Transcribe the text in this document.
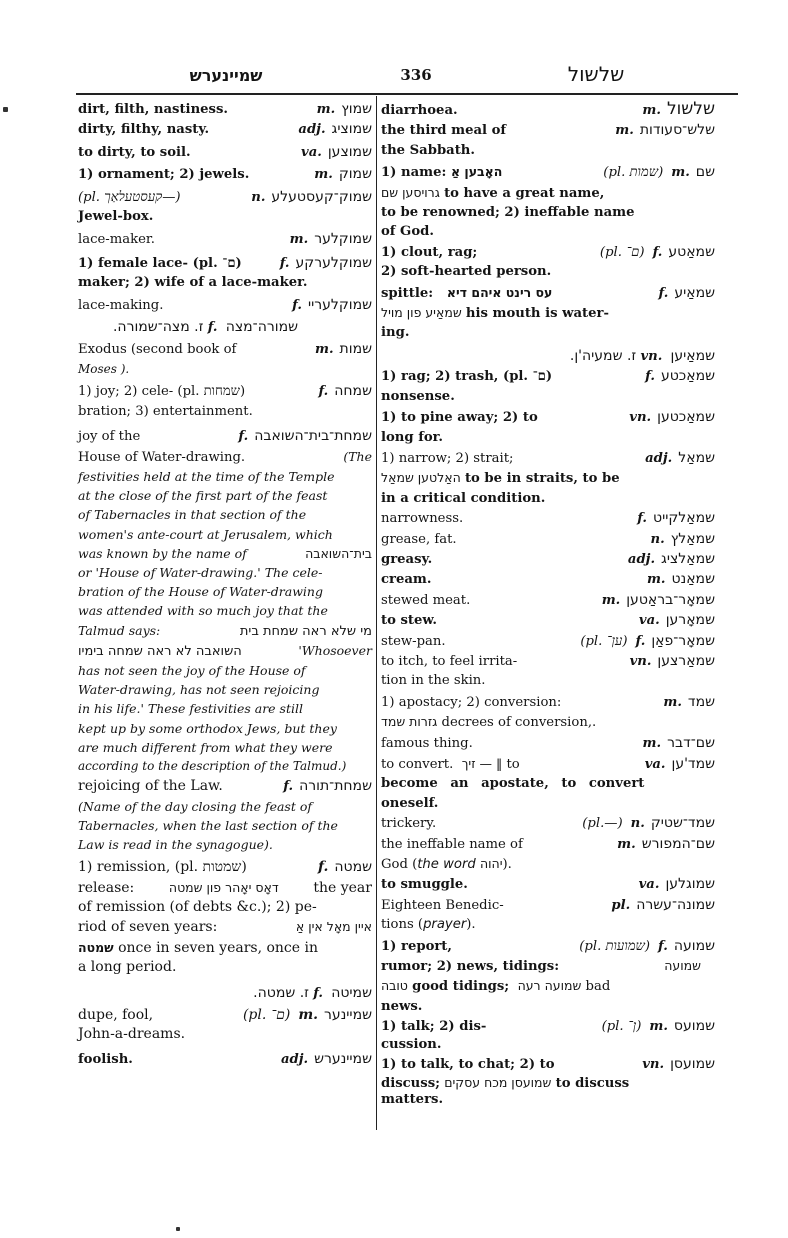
שמיינערש	336	שלשול
dirt, filth, nastiness.	m. שמוץ
dirty, filthy, nasty.	adj. שמוציג
to dirty, to soil.	va. שמוצען
1) ornament; 2) jewels.	m. שמוק
(pl. קעסטעלאַך—)	n. שמוק־קעסטעלע
Jewel-box.
lace-maker.	m. שמוקלער
1) female lace- (pl. ם־)	f. שמוקלערקע
maker; 2) wife of a lace-maker.
lace-making.	f. שמוקלעריי
ז. מצה־שמורה. f. שמורה־מצה
Exodus (second book of	m. שמות
Moses ).
1) joy; 2) cele- (pl. שמחות)	f. שמחה
bration; 3) entertainment.
joy of the	f. שמחת־בית־השואבה
House of Water-drawing.	(The
festivities held at the time of the Temple
at the close of the first part of the feast
of Tabernacles in that section of the
women's ante-court at Jerusalem, which
was known by the name of	בית־השואבה
or 'House of Water-drawing.' The cele-
bration of the House of Water-drawing
was attended with so much joy that the
Talmud says:	מי שלא ראה שמחת בית
השואבה לא ראה שמחה בימיו	'Whosoever
has not seen the joy of the House of
Water-drawing, has not seen rejoicing
in his life.' These festivities are still
kept up by some orthodox Jews, but they
are much different from what they were
according to the description of the Talmud.)
rejoicing of the Law.	f. שמחת־תורה
(Name of the day closing the feast of
Tabernacles, when the last section of the
Law is read in the synagogue).
1) remission, (pl. שמטות)	f. שמטה
release:	דאָס יאָהר פון שמטה the year
of remission (of debts &c.); 2) pe-
riod of seven years:	איין מאָל אין אַ
שמטה once in seven years, once in
a long period.
ז. שמטה. f. שמיטה
dupe, fool,	(pl. ם־) m. שמיינער
John-a-dreams.
foolish.	adj. שמיינערש
diarrhoea.	m. שלשול
the third meal of	m. שלש־סעודות
the Sabbath.
1) name: האָבען אַ	(pl. שמות) m. שם
גרויסען שם to have a great name,
to be renowned; 2) ineffable name
of God.
1) clout, rag;	(pl. ם־) f. שמאַטע
2) soft-hearted person.
spittle: עס רינט איהם דיא	f. שמאַיע
שמאַיע פון מויל his mouth is water-
ing.
ז. שמעיה'ן. vn. שמאַיען
1) rag; 2) trash, (pl. ם־)	f. שמאַכטע
nonsense.
1) to pine away; 2) to	vn. שמאַכטען
long for.
1) narrow; 2) strait;	adj. שמאַל
האַלטען שמאַל to be in straits, to be
in a critical condition.
narrowness.	f. שמאַלקייט
grease, fat.	n. שמאַלץ
greasy.	adj. שמאַלציג
cream.	m. שמאַנט
stewed meat.	m. שמאָר־בראַטען
to stew.	va. שמאָרען
stew-pan.	(pl. ען־) f. שמאָר־פאַן
to itch, to feel irrita-	vn. שמאַרצען
tion in the skin.
1) apostacy; 2) conversion:	m. שמד
גזרות שמד decrees of conversion,.
famous thing.	m. שם־דבר
to convert. ‖ — זיך to	va. שמד'ען
become an apostate, to convert
oneself.
trickery.	(pl.—) n. שמד־שטיק
the ineffable name of	m. שם־המפורש
God (the word יהוה).
to smuggle.	va. שמוגלען
Eighteen Benedic-	pl. שמונה־עשרה
tions (prayer).
1) report,	(pl. שמועות) f. שמועה
rumor; 2) news, tidings:	שמועה
טובה good tidings; שמועה רעה bad
news.
1) talk; 2) dis-	(pl. ן־) m. שמועס
cussion.
1) to talk, to chat; 2) to	vn. שמועסן
discuss; שמועסן מכח עסקים to discuss
matters.
